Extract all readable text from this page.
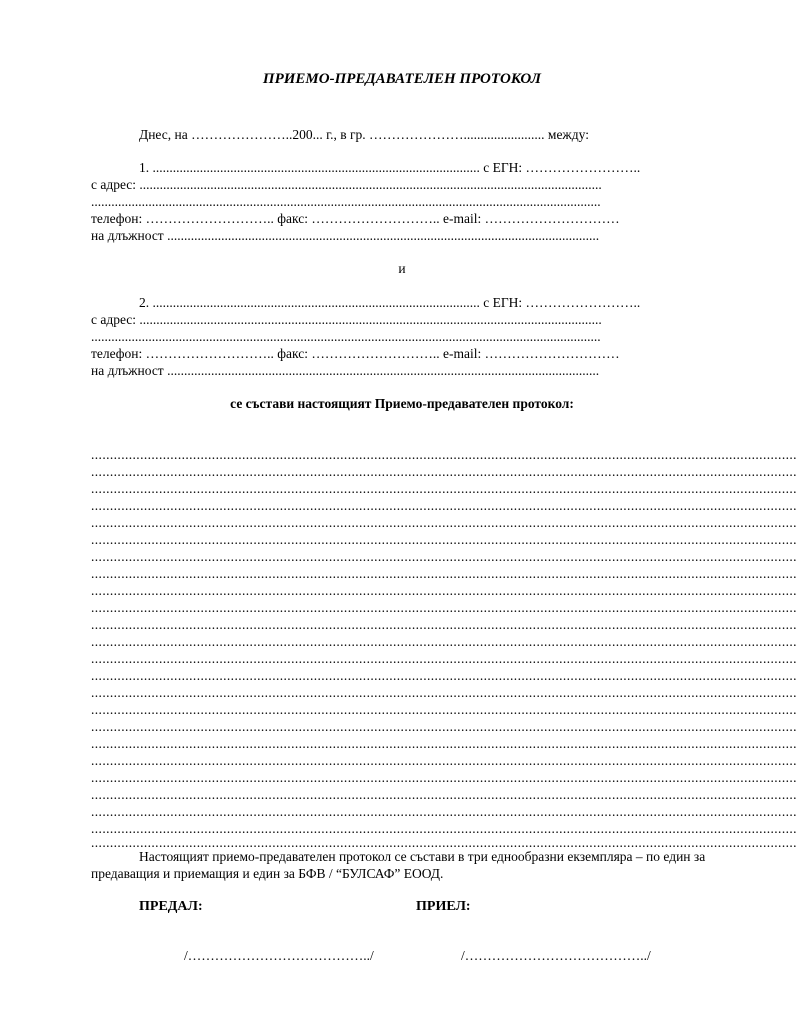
ПРИЕМО-ПРЕДАВАТЕЛЕН ПРОТОКОЛ
Днес, на …………………..200... г., в гр. …………………........................ между:
1. ................................................................................................. с ЕГН: ……………………..
с адрес: .........................................................................................................................................
.......................................................................................................................................................
телефон: ……………………….. факс: ……………………….. e-mail: …………………………
на длъжност ................................................................................................................................
и
2. ................................................................................................. с ЕГН: ……………………..
с адрес: .........................................................................................................................................
.......................................................................................................................................................
телефон: ……………………….. факс: ……………………….. e-mail: …………………………
на длъжност ................................................................................................................................
се състави настоящият Приемо-предавателен протокол:
...........................................................................................................................................................................................
...........................................................................................................................................................................................
...........................................................................................................................................................................................
...........................................................................................................................................................................................
...........................................................................................................................................................................................
...........................................................................................................................................................................................
...........................................................................................................................................................................................
...........................................................................................................................................................................................
...........................................................................................................................................................................................
...........................................................................................................................................................................................
...........................................................................................................................................................................................
...........................................................................................................................................................................................
...........................................................................................................................................................................................
...........................................................................................................................................................................................
...........................................................................................................................................................................................
...........................................................................................................................................................................................
...........................................................................................................................................................................................
...........................................................................................................................................................................................
...........................................................................................................................................................................................
...........................................................................................................................................................................................
...........................................................................................................................................................................................
...........................................................................................................................................................................................
...........................................................................................................................................................................................
...........................................................................................................................................................................................
Настоящият приемо-предавателен протокол се състави в три еднообразни екземпляра – по един за предаващия и приемащия и един за БФВ / “БУЛСАФ” ЕООД.
ПРЕДАЛ:	ПРИЕЛ:
/…………………………………../	/…………………………………../
